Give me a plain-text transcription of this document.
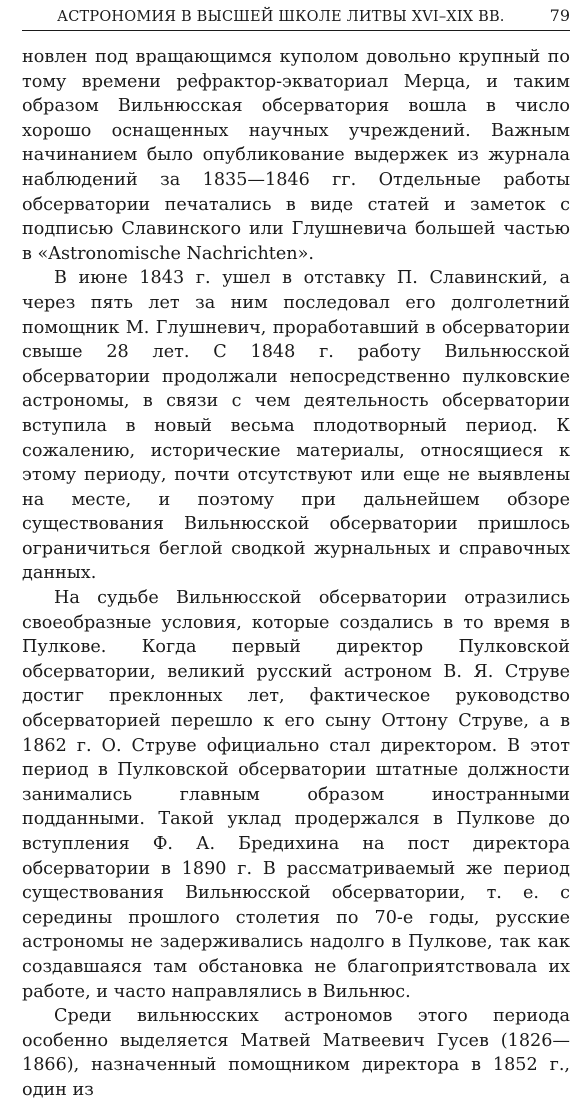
АСТРОНОМИЯ В ВЫСШЕЙ ШКОЛЕ ЛИТВЫ XVI–XIX ВВ.	79

новлен под вращающимся куполом довольно крупный по тому времени рефрактор-экваториал Мерца, и таким образом Вильнюсская обсерватория вошла в число хорошо оснащенных научных учреждений. Важным начинанием было опубликование выдержек из журнала наблюдений за 1835—1846 гг. Отдельные работы обсерватории печатались в виде статей и заметок с подписью Славинского или Глушневича большей частью в «Astronomische Nachrichten».

В июне 1843 г. ушел в отставку П. Славинский, а через пять лет за ним последовал его долголетний помощник М. Глушневич, проработавший в обсерватории свыше 28 лет. С 1848 г. работу Вильнюсской обсерватории продолжали непосредственно пулковские астрономы, в связи с чем деятельность обсерватории вступила в новый весьма плодотворный период. К сожалению, исторические материалы, относящиеся к этому периоду, почти отсутствуют или еще не выявлены на месте, и поэтому при дальнейшем обзоре существования Вильнюсской обсерватории пришлось ограничиться беглой сводкой журнальных и справочных данных.

На судьбе Вильнюсской обсерватории отразились своеобразные условия, которые создались в то время в Пулкове. Когда первый директор Пулковской обсерватории, великий русский астроном В. Я. Струве достиг преклонных лет, фактическое руководство обсерваторией перешло к его сыну Оттону Струве, а в 1862 г. О. Струве официально стал директором. В этот период в Пулковской обсерватории штатные должности занимались главным образом иностранными подданными. Такой уклад продержался в Пулкове до вступления Ф. А. Бредихина на пост директора обсерватории в 1890 г. В рассматриваемый же период существования Вильнюсской обсерватории, т. е. с середины прошлого столетия по 70-е годы, русские астрономы не задерживались надолго в Пулкове, так как создавшаяся там обстановка не благоприятствовала их работе, и часто направлялись в Вильнюс.

Среди вильнюсских астрономов этого периода особенно выделяется Матвей Матвеевич Гусев (1826—1866), назначенный помощником директора в 1852 г., один из
